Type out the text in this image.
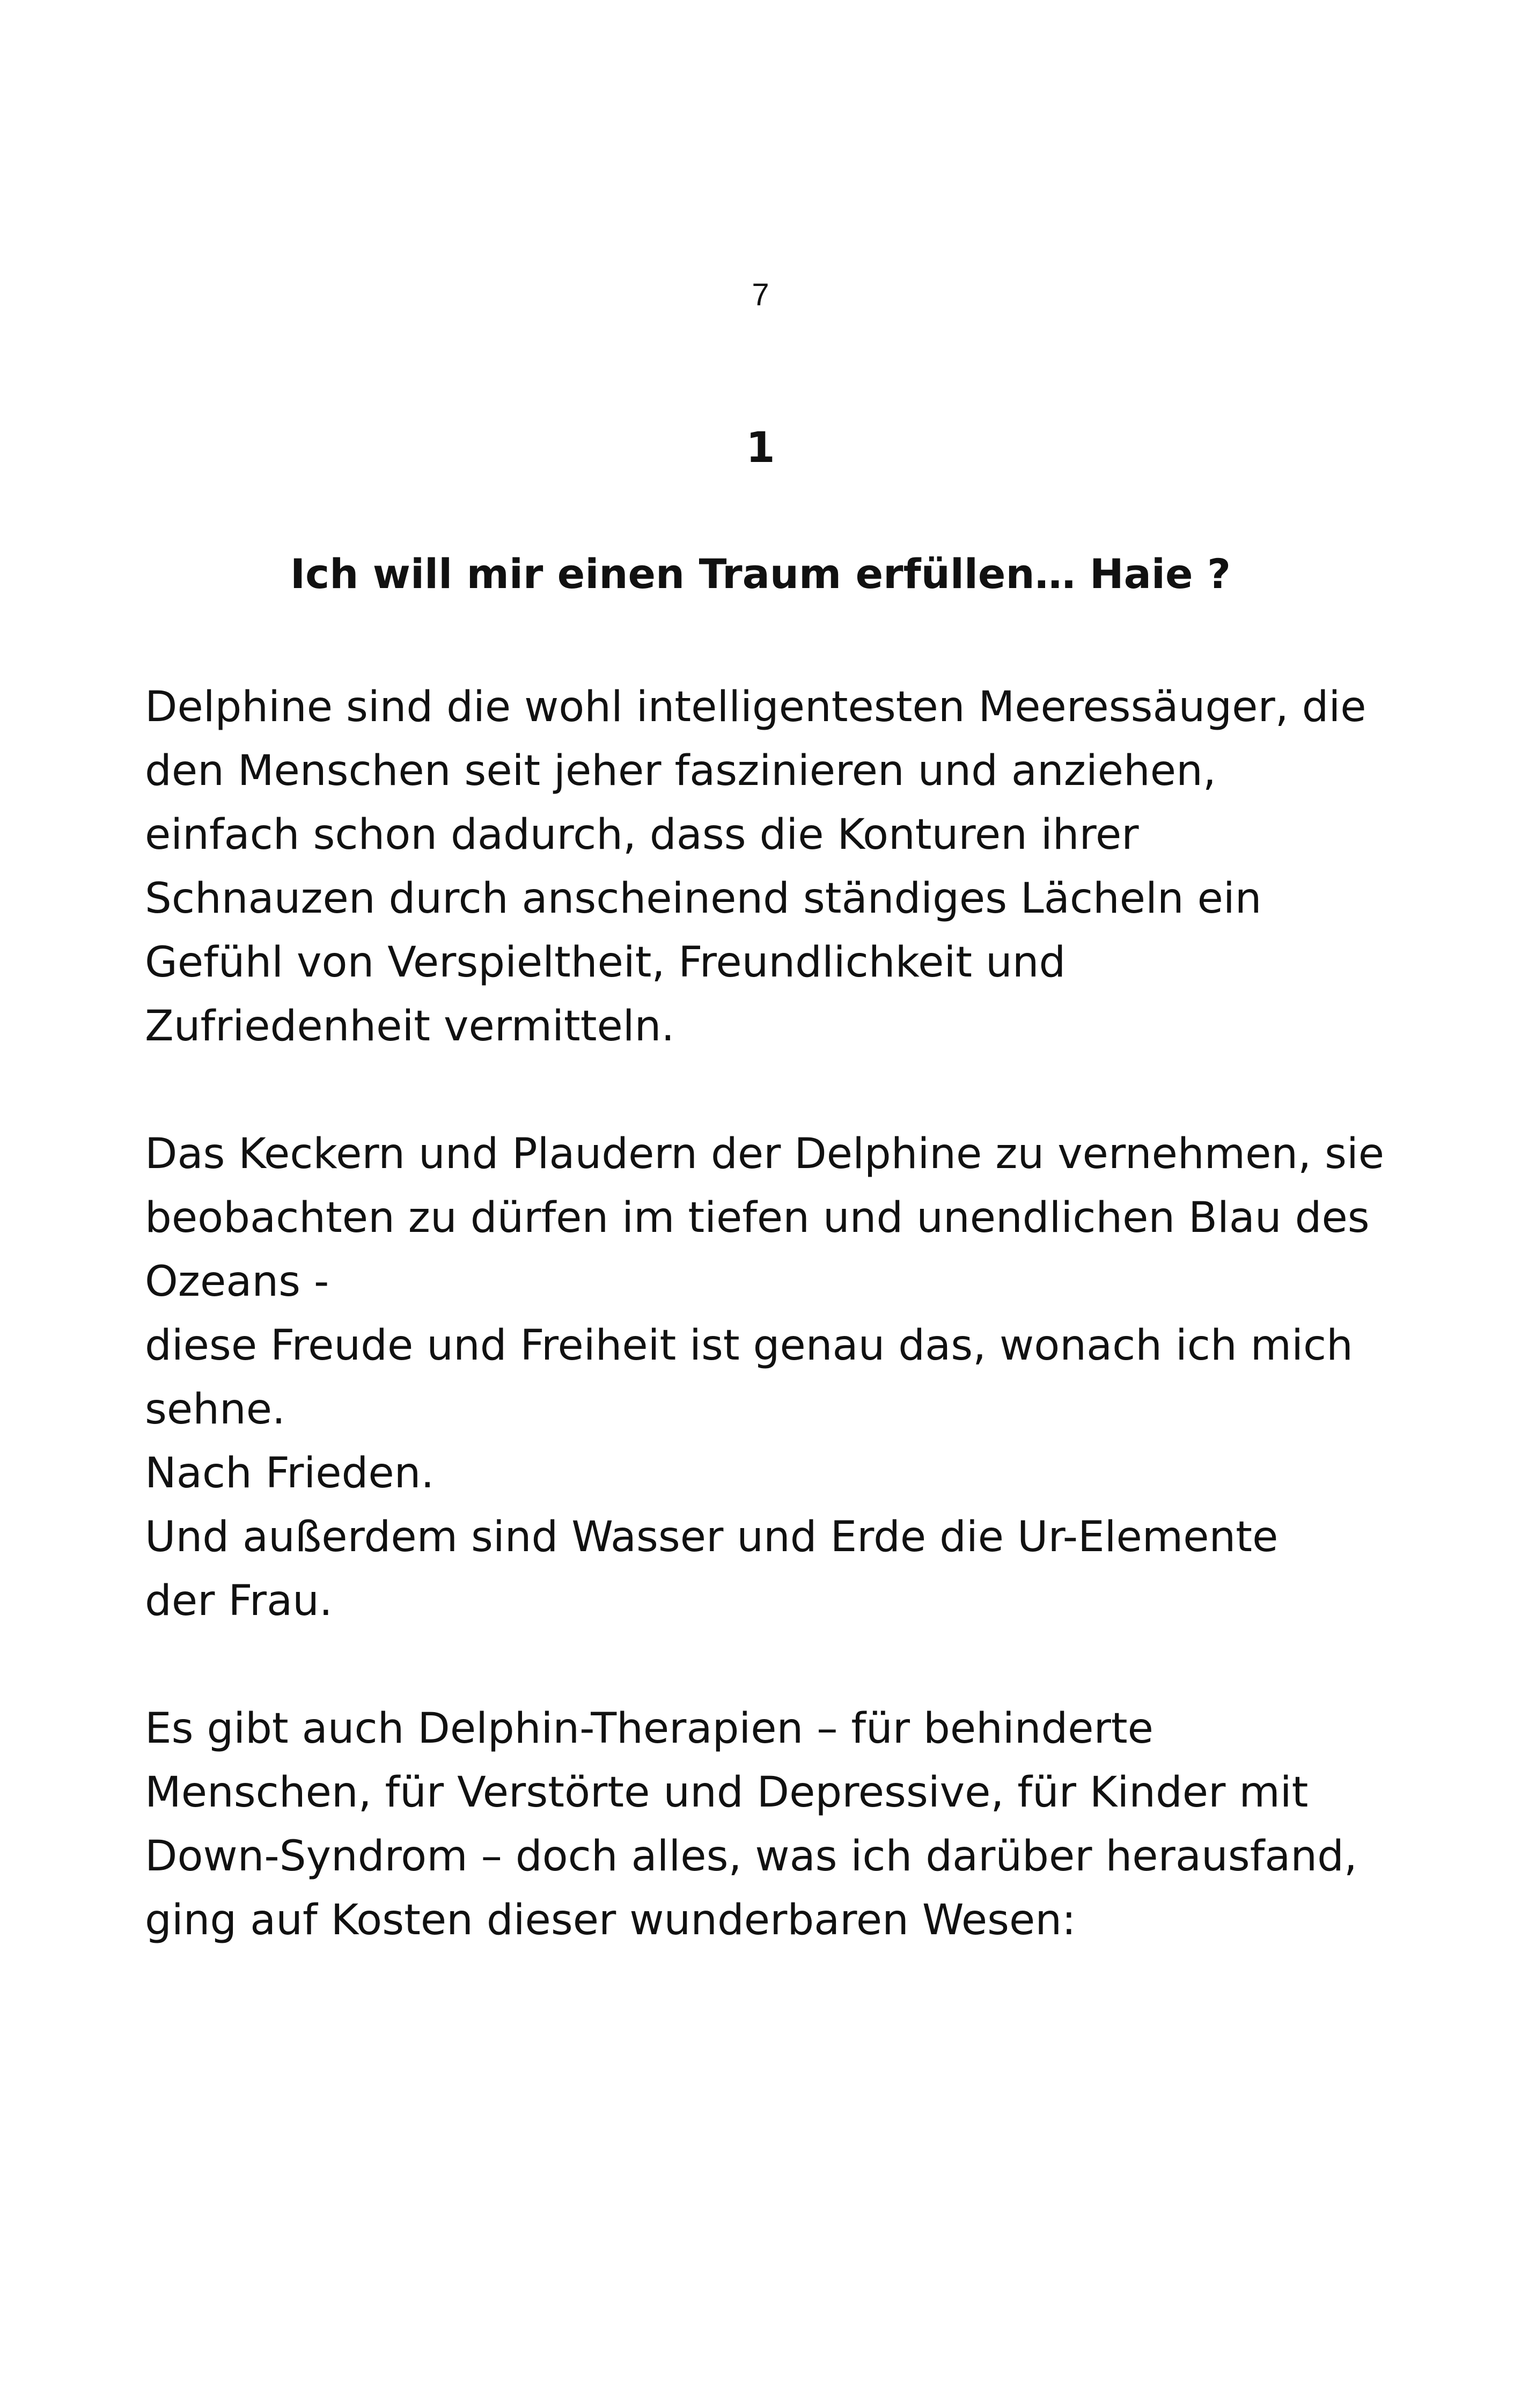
7
1
Ich will mir einen Traum erfüllen… Haie ?

Delphine sind die wohl intelligentesten Meeressäuger, die
den Menschen seit jeher faszinieren und anziehen,
einfach schon dadurch, dass die Konturen ihrer
Schnauzen durch anscheinend ständiges Lächeln ein
Gefühl von Verspieltheit, Freundlichkeit und
Zufriedenheit vermitteln.

Das Keckern und Plaudern der Delphine zu vernehmen, sie
beobachten zu dürfen im tiefen und unendlichen Blau des
Ozeans -
diese Freude und Freiheit ist genau das, wonach ich mich
sehne.
Nach Frieden.
Und außerdem sind Wasser und Erde die Ur-Elemente
der Frau.

Es gibt auch Delphin-Therapien – für behinderte
Menschen, für Verstörte und Depressive, für Kinder mit
Down-Syndrom – doch alles, was ich darüber herausfand,
ging auf Kosten dieser wunderbaren Wesen:
